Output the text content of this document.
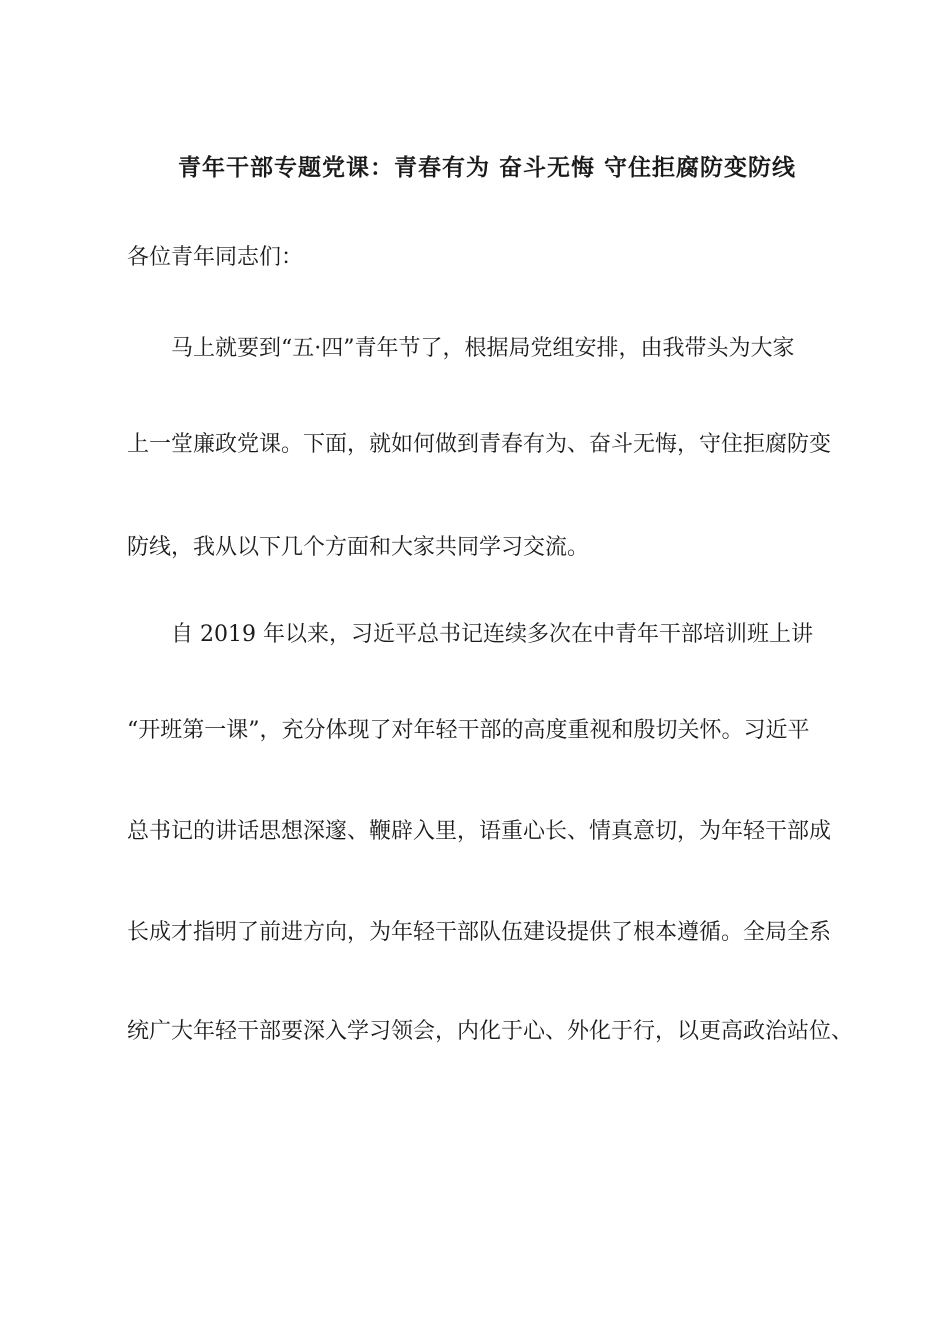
青年干部专题党课：青春有为 奋斗无悔 守住拒腐防变防线
各位青年同志们：
　　马上就要到“五·四”青年节了，根据局党组安排，由我带头为大家
上一堂廉政党课。下面，就如何做到青春有为、奋斗无悔，守住拒腐防变
防线，我从以下几个方面和大家共同学习交流。
　　自 2019 年以来，习近平总书记连续多次在中青年干部培训班上讲
“开班第一课”，充分体现了对年轻干部的高度重视和殷切关怀。习近平
总书记的讲话思想深邃、鞭辟入里，语重心长、情真意切，为年轻干部成
长成才指明了前进方向，为年轻干部队伍建设提供了根本遵循。全局全系
统广大年轻干部要深入学习领会，内化于心、外化于行，以更高政治站位、
